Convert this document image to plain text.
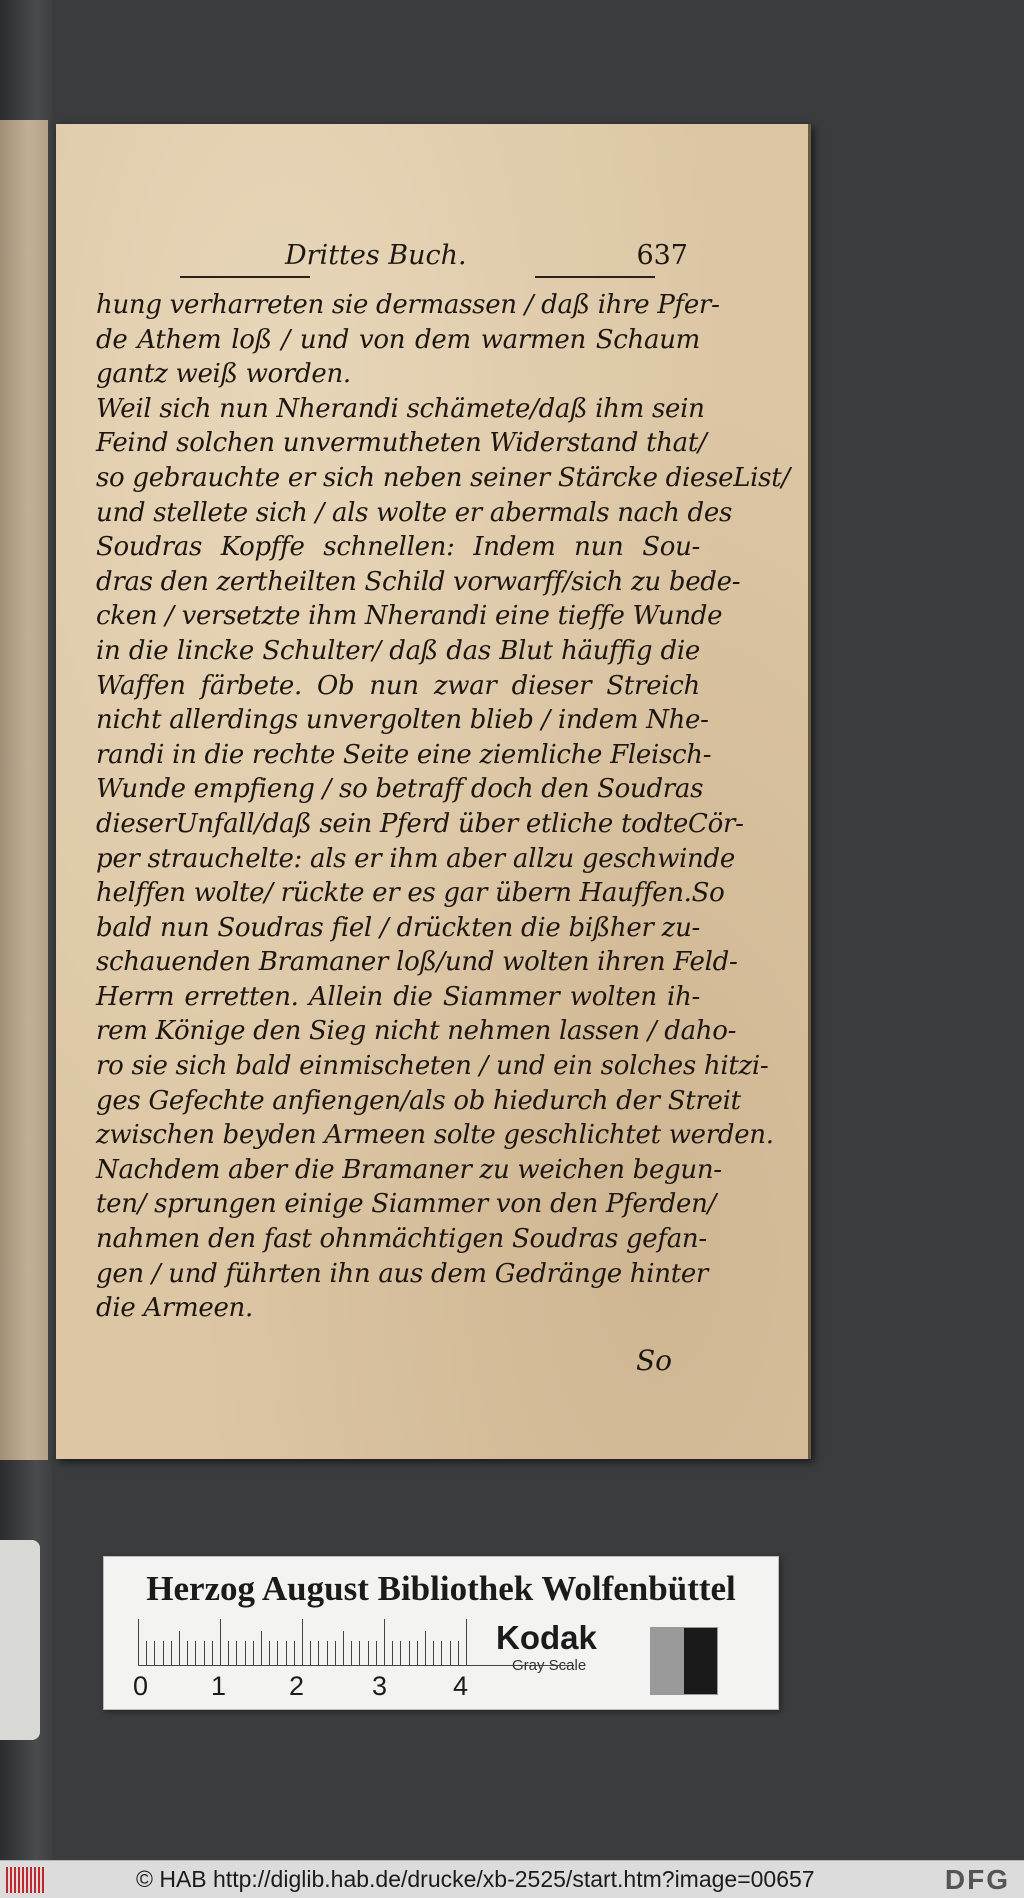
Drittes Buch.	637
hung verharreten sie dermassen / daß ihre Pfer-
de Athem loß / und von dem warmen Schaum
gantz weiß worden.
Weil sich nun Nherandi schämete/daß ihm sein
Feind solchen unvermutheten Widerstand that/
so gebrauchte er sich neben seiner Stärcke dieseList/
und stellete sich / als wolte er abermals nach des
Soudras Kopffe schnellen: Indem nun Sou-
dras den zertheilten Schild vorwarff/sich zu bede-
cken / versetzte ihm Nherandi eine tieffe Wunde
in die lincke Schulter/ daß das Blut häuffig die
Waffen färbete. Ob nun zwar dieser Streich
nicht allerdings unvergolten blieb / indem Nhe-
randi in die rechte Seite eine ziemliche Fleisch-
Wunde empfieng / so betraff doch den Soudras
dieserUnfall/daß sein Pferd über etliche todteCör-
per strauchelte: als er ihm aber allzu geschwinde
helffen wolte/ rückte er es gar übern Hauffen.So
bald nun Soudras fiel / drückten die bißher zu-
schauenden Bramaner loß/und wolten ihren Feld-
Herrn erretten. Allein die Siammer wolten ih-
rem Könige den Sieg nicht nehmen lassen / daho-
ro sie sich bald einmischeten / und ein solches hitzi-
ges Gefechte anfiengen/als ob hiedurch der Streit
zwischen beyden Armeen solte geschlichtet werden.
Nachdem aber die Bramaner zu weichen begun-
ten/ sprungen einige Siammer von den Pferden/
nahmen den fast ohnmächtigen Soudras gefan-
gen / und führten ihn aus dem Gedränge hinter
die Armeen.
So
Herzog August Bibliothek Wolfenbüttel
0 1 2	3 4
Kodak
Gray Scale
© HAB http://diglib.hab.de/drucke/xb-2525/start.htm?image=00657	DFG
